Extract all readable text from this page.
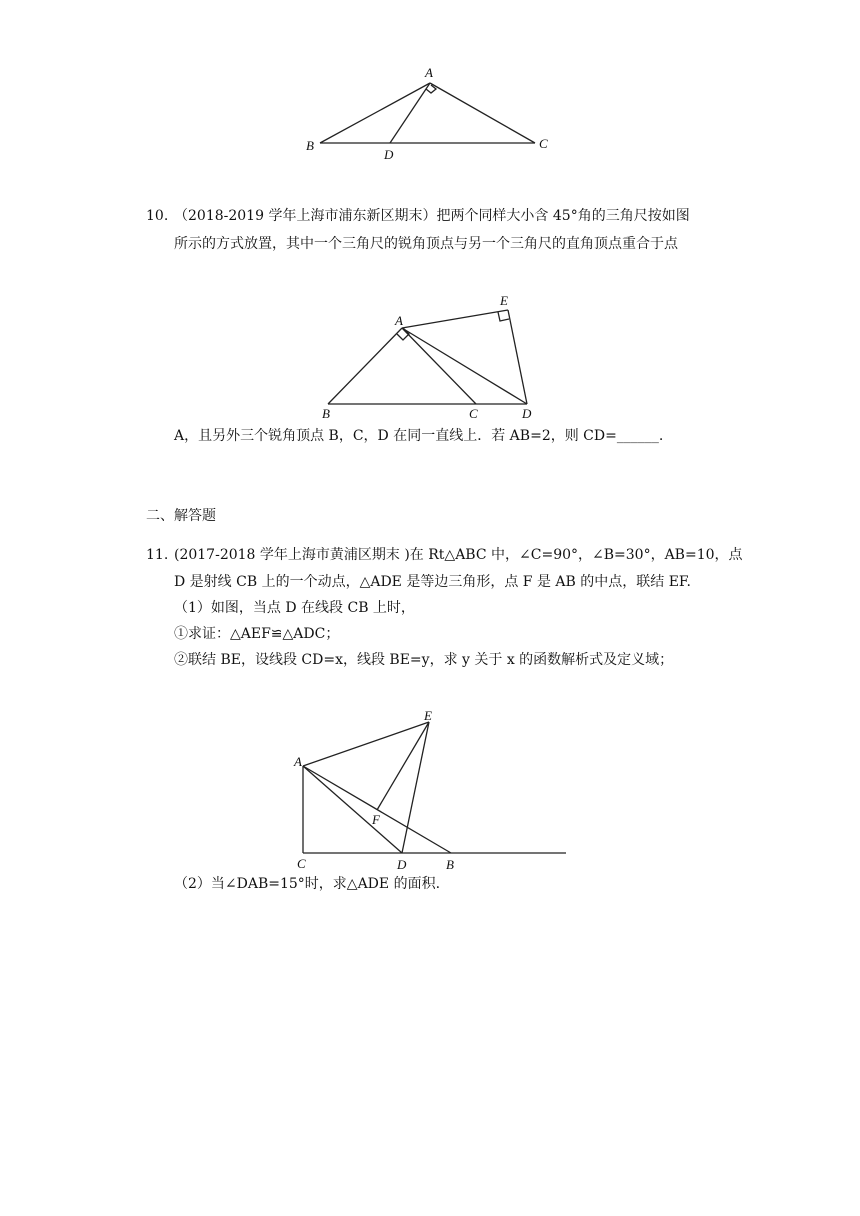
A
B
D
C
10. （2018-2019 学年上海市浦东新区期末）把两个同样大小含 45°角的三角尺按如图
所示的方式放置，其中一个三角尺的锐角顶点与另一个三角尺的直角顶点重合于点
A
E
B	C	D
A，且另外三个锐角顶点 B，C，D 在同一直线上．若 AB=2，则 CD=______.
二、解答题
11. (2017-2018 学年上海市黄浦区期末 )在 Rt△ABC 中，∠C=90°，∠B=30°，AB=10，点
D 是射线 CB 上的一个动点，△ADE 是等边三角形，点 F 是 AB 的中点，联结 EF.
（1）如图，当点 D 在线段 CB 上时，
①求证：△AEF≌△ADC；
②联结 BE，设线段 CD=x，线段 BE=y，求 y 关于 x 的函数解析式及定义域；
A
E
F
C	D	B
（2）当∠DAB=15°时，求△ADE 的面积.
